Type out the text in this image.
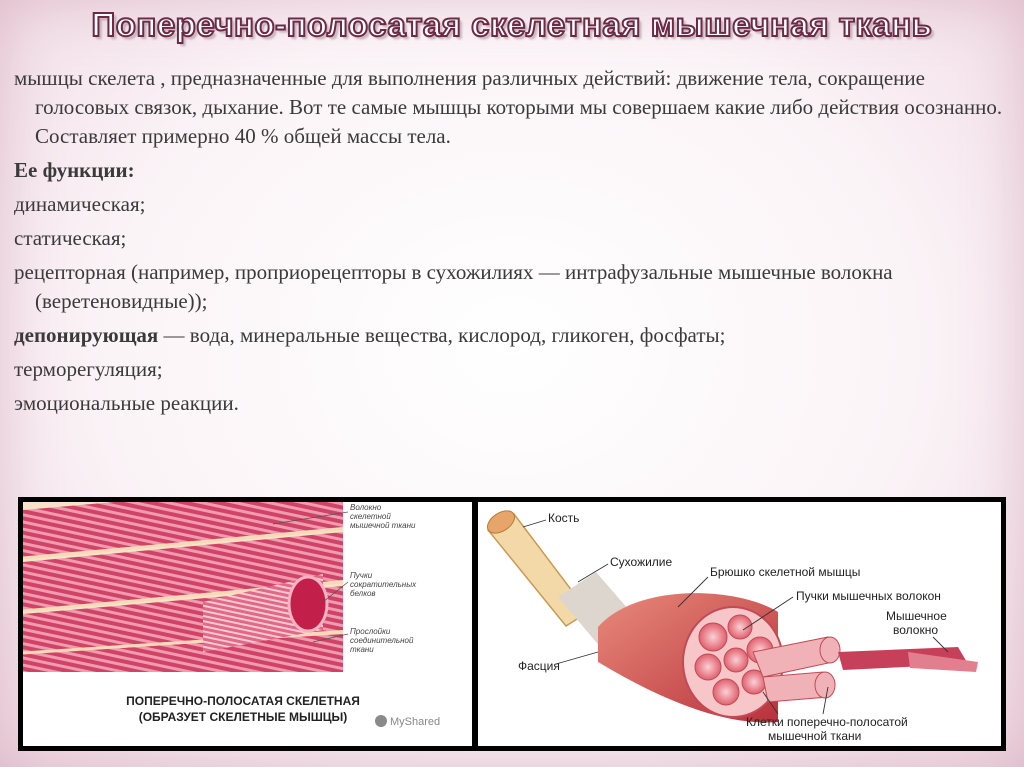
Поперечно-полосатая скелетная мышечная ткань

мышцы скелета , предназначенные для выполнения различных действий: движение тела, сокращение голосовых связок, дыхание. Вот те самые мышцы которыми мы совершаем какие либо действия осознанно. Составляет примерно 40 % общей массы тела.

Ее функции:

динамическая;

статическая;

рецепторная (например, проприорецепторы в сухожилиях — интрафузальные мышечные волокна (веретеновидные));

депонирующая — вода, минеральные вещества, кислород, гликоген, фосфаты;

терморегуляция;

эмоциональные реакции.

Волокно
скелетной
мышечной ткани
Пучки
сократительных
белков
Прослойки
соединительной
ткани
ПОПЕРЕЧНО-ПОЛОСАТАЯ СКЕЛЕТНАЯ
(ОБРАЗУЕТ СКЕЛЕТНЫЕ МЫШЦЫ)	MyShared
Кость
Сухожилие
Брюшко скелетной мышцы
Пучки мышечных волокон
Мышечное
волокно
Фасция
Клетки поперечно-полосатой
мышечной ткани
